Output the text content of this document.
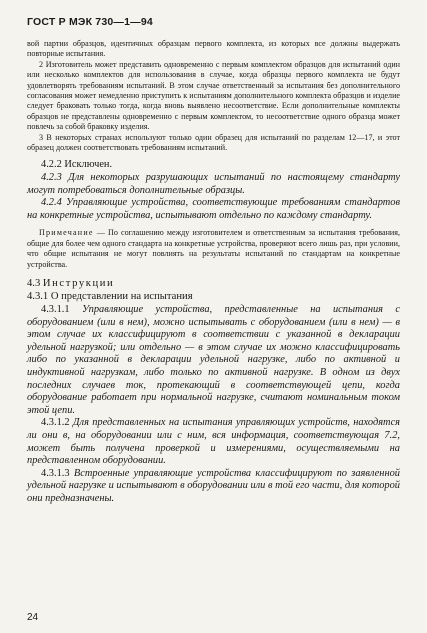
ГОСТ Р МЭК 730—1—94

вой партии образцов, идентичных образцам первого комплекта, из которых все должны выдержать повторные испытания.

2 Изготовитель может представить одновременно с первым комплектом образцов для испытаний один или несколько комплектов для использования в случае, когда образцы первого комплекта не будут удовлетворять требованиям испытаний. В этом случае ответственный за испытания без дополнительного согласования может немедленно приступить к испытаниям дополнительного комплекта образцов и изделие следует браковать только тогда, когда вновь выявлено несоответствие. Если дополнительные комплекты образцов не представлены одновременно с первым комплектом, то несоответствие одного образца может повлечь за собой браковку изделия.

3 В некоторых странах используют только один образец для испытаний по разделам 12—17, и этот образец должен соответствовать требованиям испытаний.

4.2.2 Исключен.

4.2.3 Для некоторых разрушающих испытаний по настоящему стандарту могут потребоваться дополнительные образцы.

4.2.4 Управляющие устройства, соответствующие требованиям стандартов на конкретные устройства, испытывают отдельно по каждому стандарту.

Примечание — По соглашению между изготовителем и ответственным за испытания требования, общие для более чем одного стандарта на конкретные устройства, проверяют всего лишь раз, при условии, что общие испытания не могут повлиять на результаты испытаний по стандартам на конкретные устройства.

4.3 Инструкции
4.3.1 О представлении на испытания

4.3.1.1 Управляющие устройства, представленные на испытания с оборудованием (или в нем), можно испытывать с оборудованием (или в нем) — в этом случае их классифицируют в соответствии с указанной в декларации удельной нагрузкой; или отдельно — в этом случае их можно классифицировать либо по указанной в декларации удельной нагрузке, либо по активной и индуктивной нагрузкам, либо только по активной нагрузке. В одном из двух последних случаев ток, протекающий в соответствующей цепи, когда оборудование работает при нормальной нагрузке, считают номинальным током этой цепи.

4.3.1.2 Для представленных на испытания управляющих устройств, находятся ли они в, на оборудовании или с ним, вся информация, соответствующая 7.2, может быть получена проверкой и измерениями, осуществляемыми на представленном оборудовании.

4.3.1.3 Встроенные управляющие устройства классифицируют по заявленной удельной нагрузке и испытывают в оборудовании или в той его части, для которой они предназначены.

24
